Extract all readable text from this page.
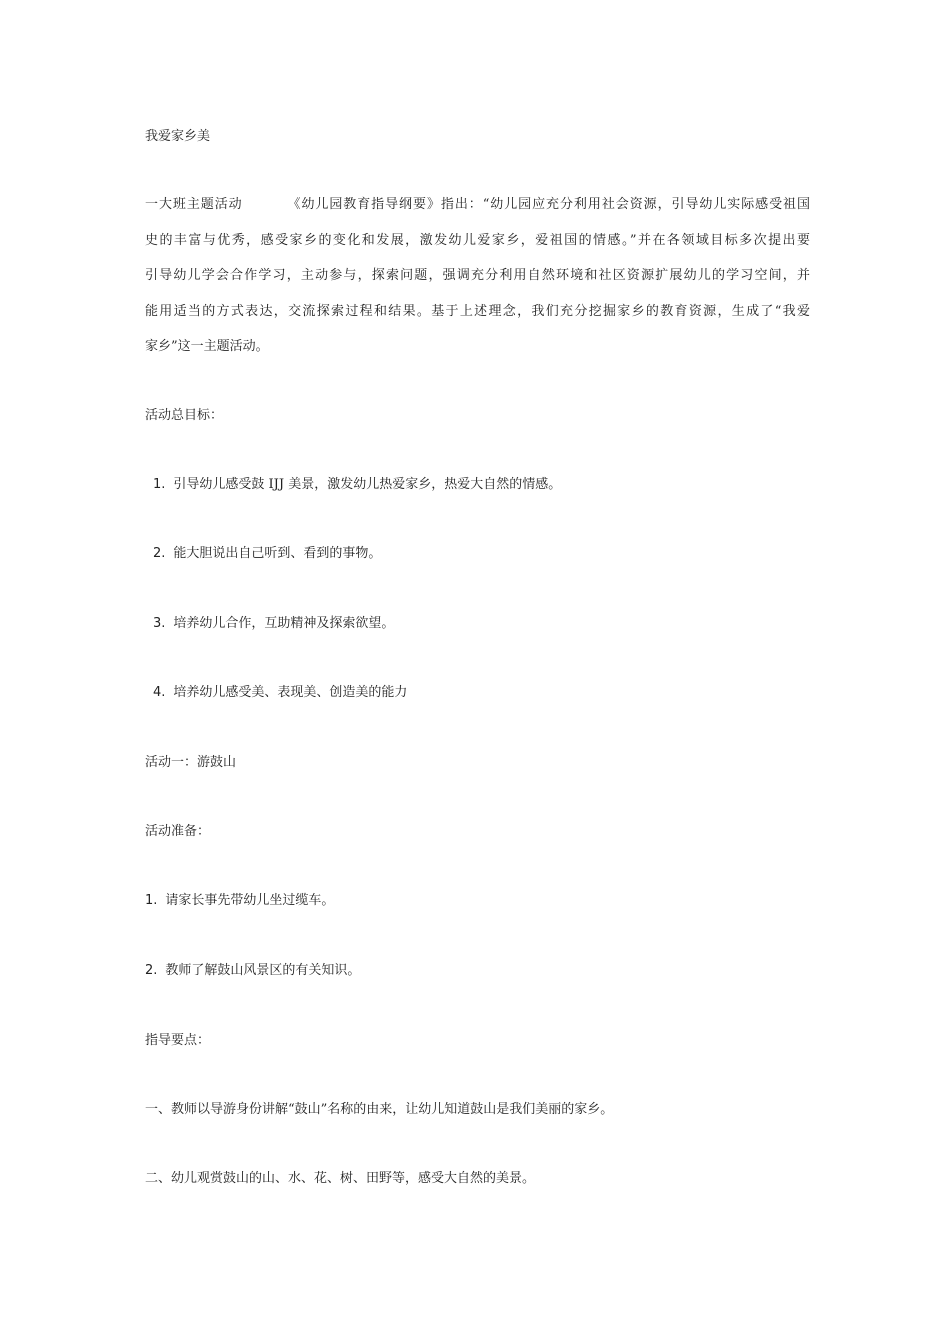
我爱家乡美

一大班主题活动	《幼儿园教育指导纲要》指出：“幼儿园应充分利用社会资源，引导幼儿实际感受祖国
史的丰富与优秀，感受家乡的变化和发展，激发幼儿爱家乡，爱祖国的情感。”并在各领域目标多次提出要
引导幼儿学会合作学习，主动参与，探索问题，强调充分利用自然环境和社区资源扩展幼儿的学习空间，并
能用适当的方式表达，交流探索过程和结果。基于上述理念，我们充分挖掘家乡的教育资源，生成了“我爱
家乡”这一主题活动。

活动总目标：

1. 引导幼儿感受鼓 IJJ 美景，激发幼儿热爱家乡，热爱大自然的情感。

2. 能大胆说出自己听到、看到的事物。

3. 培养幼儿合作，互助精神及探索欲望。

4. 培养幼儿感受美、表现美、创造美的能力

活动一：游鼓山

活动准备：

1. 请家长事先带幼儿坐过缆车。

2. 教师了解鼓山风景区的有关知识。

指导要点：

一、教师以导游身份讲解“鼓山”名称的由来，让幼儿知道鼓山是我们美丽的家乡。

二、幼儿观赏鼓山的山、水、花、树、田野等，感受大自然的美景。
